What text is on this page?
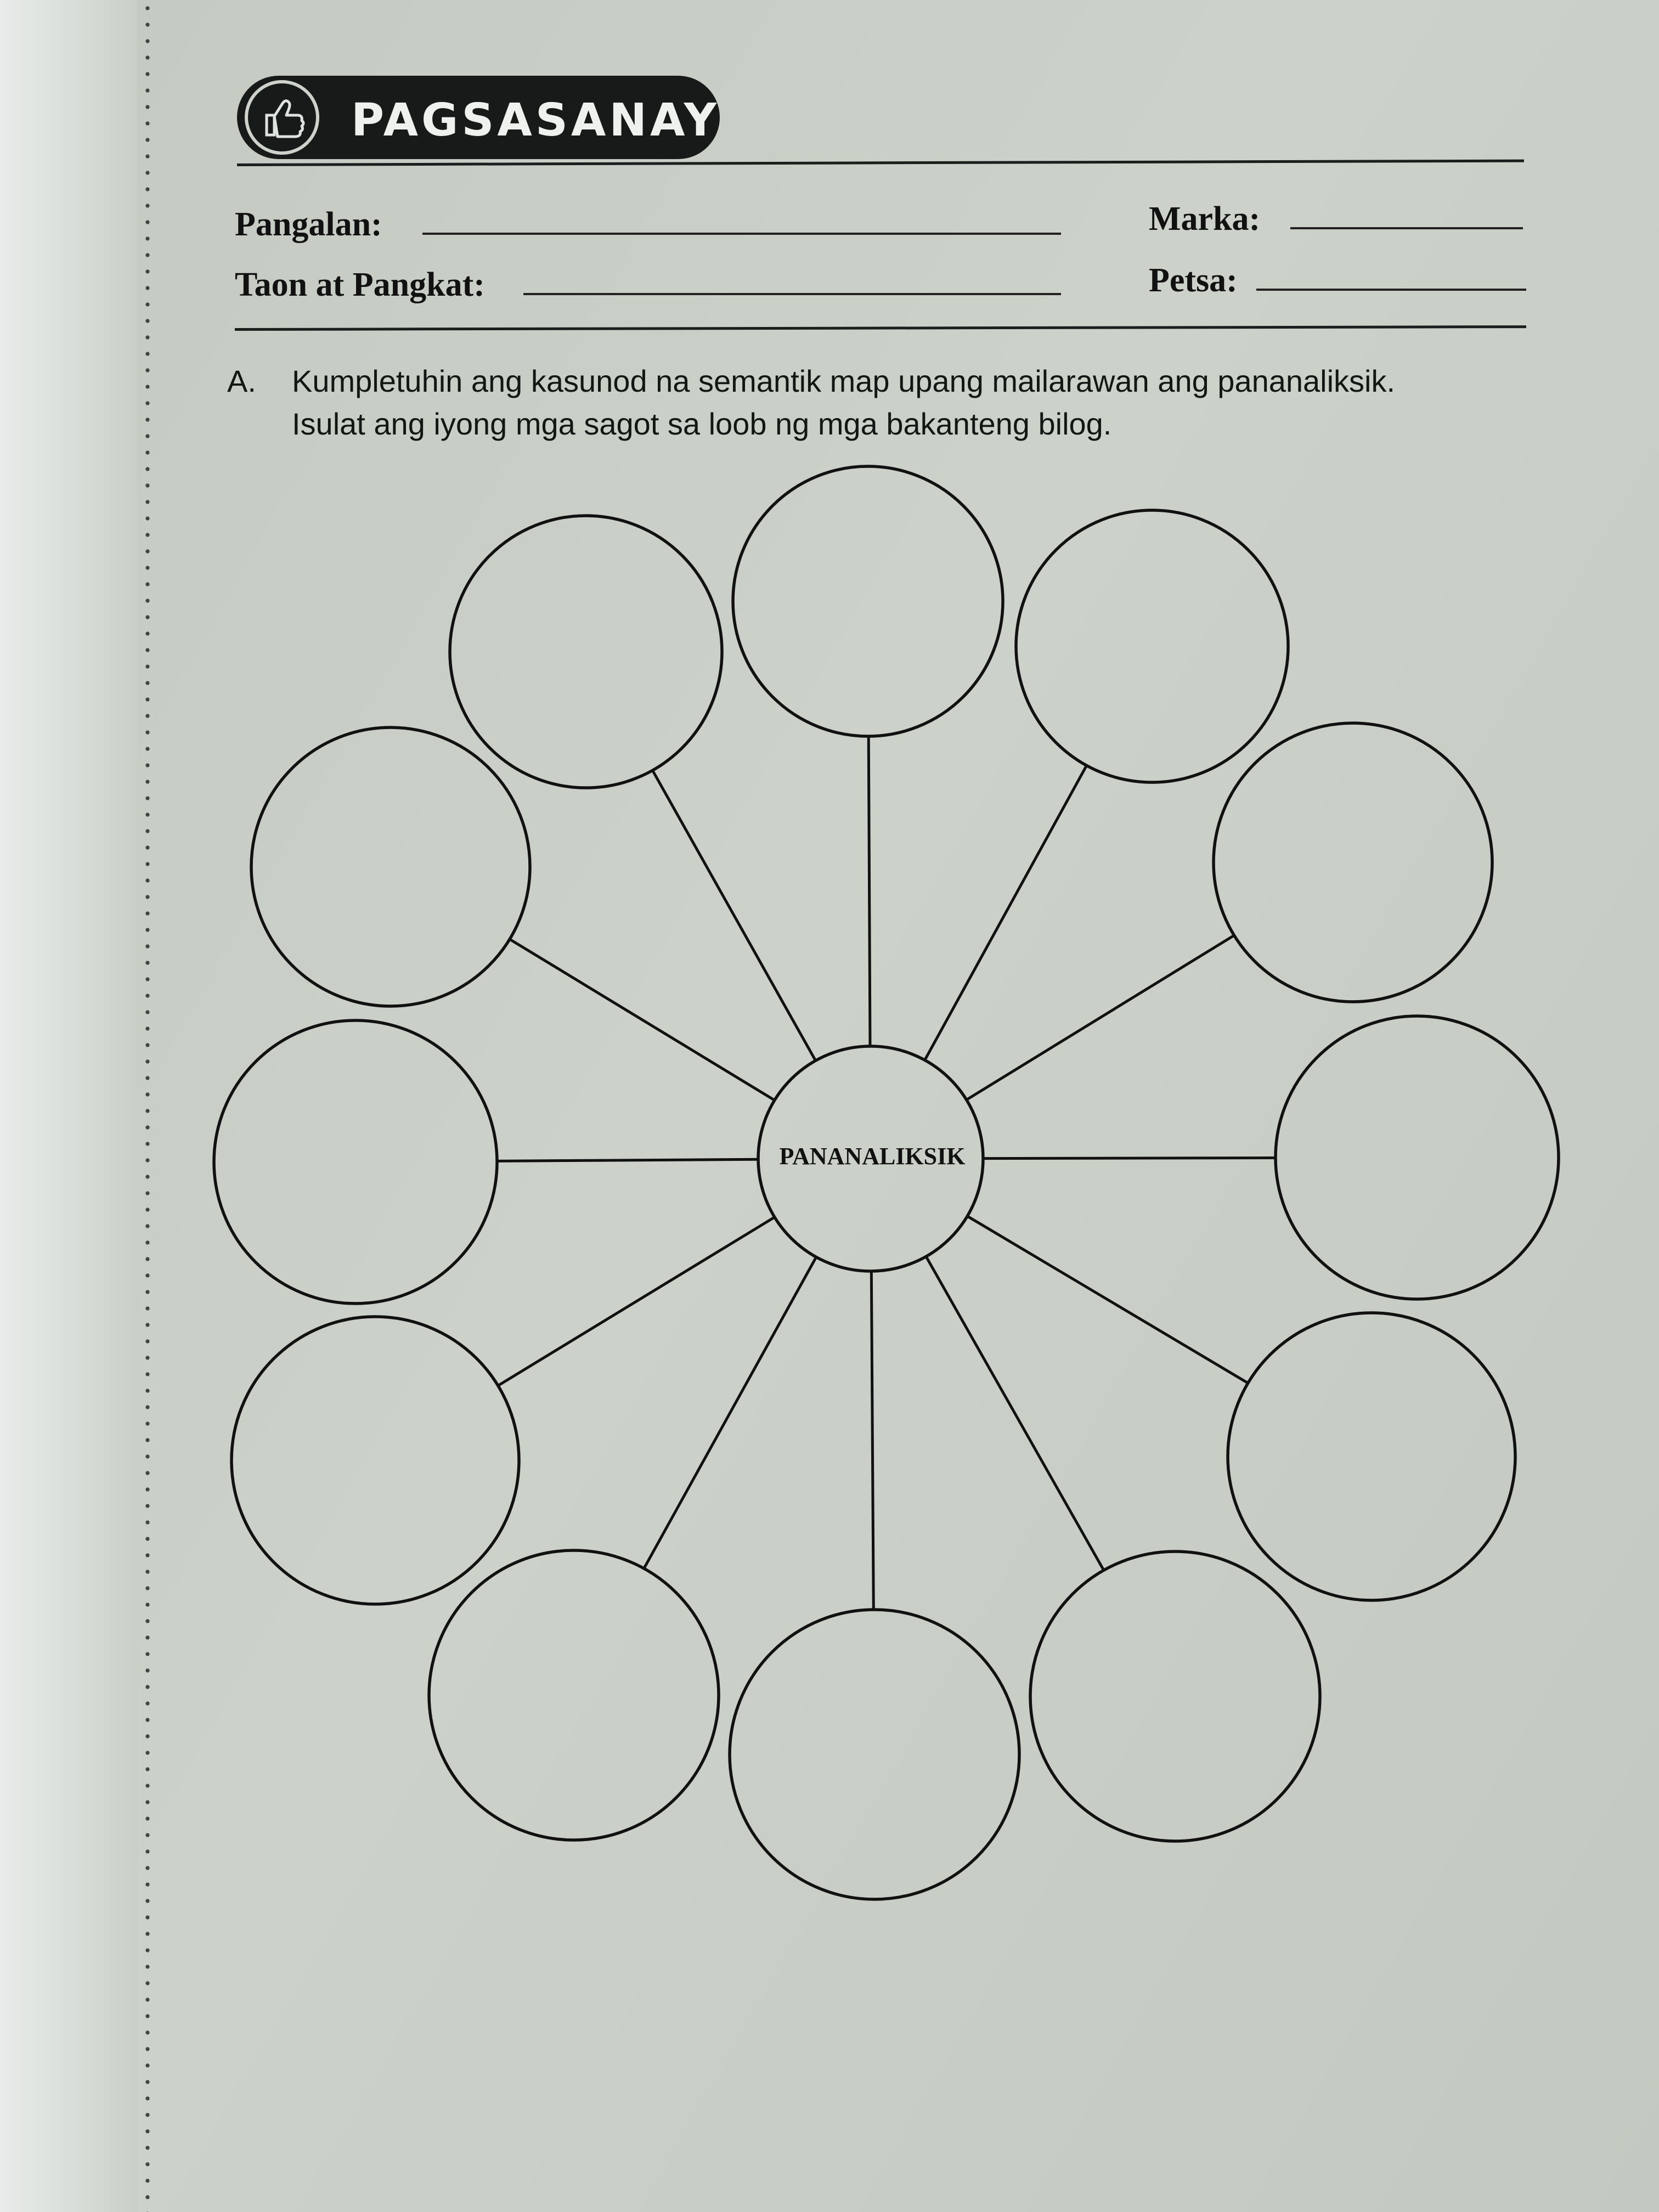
PAGSASANAY
Pangalan:	Marka:
Taon at Pangkat:	Petsa:
A. Kumpletuhin ang kasunod na semantik map upang mailarawan ang pananaliksik.
Isulat ang iyong mga sagot sa loob ng mga bakanteng bilog.
PANANALIKSIK
